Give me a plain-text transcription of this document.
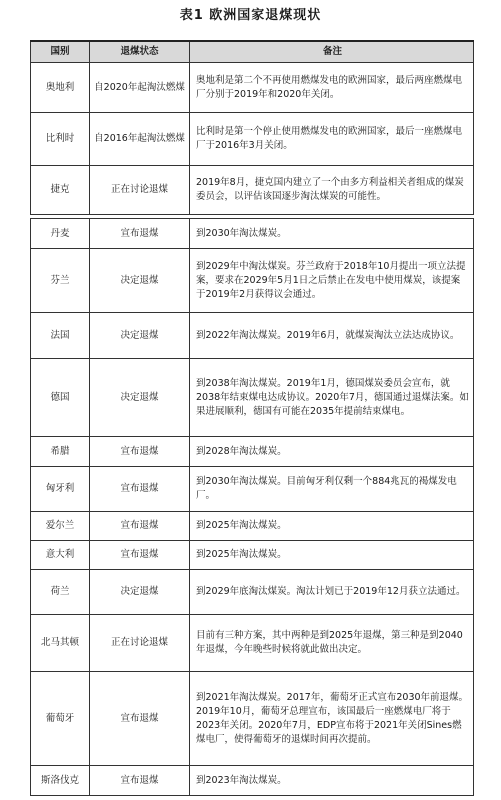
表1 欧洲国家退煤现状
国别	退煤状态	备注
奥地利	自2020年起淘汰燃煤	奥地利是第二个不再使用燃煤发电的欧洲国家，最后两座燃煤电厂分别于2019年和2020年关闭。
比利时	自2016年起淘汰燃煤	比利时是第一个停止使用燃煤发电的欧洲国家，最后一座燃煤电厂于2016年3月关闭。
捷克	正在讨论退煤	2019年8月，捷克国内建立了一个由多方利益相关者组成的煤炭委员会，以评估该国逐步淘汰煤炭的可能性。
丹麦	宣布退煤	到2030年淘汰煤炭。
芬兰	决定退煤	到2029年中淘汰煤炭。芬兰政府于2018年10月提出一项立法提案，要求在2029年5月1日之后禁止在发电中使用煤炭，该提案于2019年2月获得议会通过。
法国	决定退煤	到2022年淘汰煤炭。2019年6月，就煤炭淘汰立法达成协议。
德国	决定退煤	到2038年淘汰煤炭。2019年1月，德国煤炭委员会宣布，就2038年结束煤电达成协议。2020年7月，德国通过退煤法案。如果进展顺利，德国有可能在2035年提前结束煤电。
希腊	宣布退煤	到2028年淘汰煤炭。
匈牙利	宣布退煤	到2030年淘汰煤炭。目前匈牙利仅剩一个884兆瓦的褐煤发电厂。
爱尔兰	宣布退煤	到2025年淘汰煤炭。
意大利	宣布退煤	到2025年淘汰煤炭。
荷兰	决定退煤	到2029年底淘汰煤炭。淘汰计划已于2019年12月获立法通过。
北马其顿	正在讨论退煤	目前有三种方案，其中两种是到2025年退煤，第三种是到2040年退煤，今年晚些时候将就此做出决定。
葡萄牙	宣布退煤	到2021年淘汰煤炭。2017年，葡萄牙正式宣布2030年前退煤。2019年10月，葡萄牙总理宣布，该国最后一座燃煤电厂将于2023年关闭。2020年7月，EDP宣布将于2021年关闭Sines燃煤电厂，使得葡萄牙的退煤时间再次提前。
斯洛伐克	宣布退煤	到2023年淘汰煤炭。
